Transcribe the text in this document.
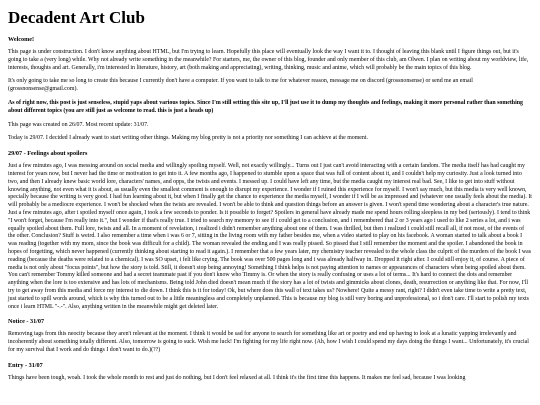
Decadent Art Club
Welcome!

This page is under construction. I don't know anything about HTML, but I'm trying to learn. Hopefully this place will eventually look the way I want it to. I thought of leaving this blank until I figure things out, but it's going to take a (very long) while. Why not already write something in the meanwhile? For starters, me, the owner of this blog, founder and only member of this club, am Olwen. I plan on writing about my worldview, life, interests, thoughts and art. Generally, i'm interested in literature, history, art (both making and appreciating), writing, thinking, music and anime, which will probably be the main topics of this blog.

It's only going to take me so long to create this because I currently don't have a computer. If you want to talk to me for whatever reason, message me on discord (grossnonsense) or send me an email (grossnonsense@gmail.com).

As of right now, this post is just senseless, stupid yaps about various topics. Since I'm still setting this site up, I'll just use it to dump my thoughts and feelings, making it more personal rather than something about different topics (you are still just as welcome to read. this is just a heads up)

This page was created on 26/07. Most recent update: 31/07.

Today is 29/07. I decided I already want to start writing other things. Making my blog pretty is not a priority nor something I can achieve at the moment.

29/07 - Feelings about spoilers

Just a few minutes ago, I was messing around on social media and willingly spoiling myself. Well, not exactly willingly... Turns out I just can't avoid interacting with a certain fandom. The media itself has had caught my interest for years now, but I never had the time or motivation to get into it. A few months ago, I happened to stumble upon a space that was full of content about it, and I couldn't help my curiosity. Just a look turned into two, and then I already knew basic world lore, characters' names, and opps, the twists and events. I messed up. I could have left any time, but the media caught my interest real bad. See, I like to get into stuff without knowing anything, not even what it is about, as usually even the smallest comment is enough to disrupt my experience. I wonder if I ruined this experience for myself. I won't say much, but this media is very well known, specially because the writing is very good. I had fun learning about it, but when I finally get the chance to experience the media myself, I wonder if I will be as impressed and (whatever one usually feels about the media). It will probably be a mediocre experience. I won't be shocked when the twists are revealed. I won't be able to think and question things before an answer is given. I won't spend time wondering about a character's true nature. Just a few minutes ago, after i spoiled myself once again, I took a few seconds to ponder. Is it possible to forget? Spoilers in general have already made me spend hours rolling sleepless in my bed (seriously). I tend to think "I won't forget, because I'm really into it.", but I wonder if that's really true. I tried to search my memory to see if i could get to a conclusion, and i remembered that 2 or 3 years ago i used to like 2 series a lot, and i was equally spoiled about them. Full lore, twists and all. In a moment of revelation, i realized i didn't remember anything about one of them. I was thrilled, but then i realized i could still recall all, if not most, of the events of the other. Conclusion? Stuff is weird. I also remember a time when i was 6 or 7, sitting in the living room with my father besides me, when a video started to play on his facebook. A woman started to talk about a book I was reading (together with my mom, since the book was difficult for a child). The woman revealed the ending and I was really pissed. So pissed that I still remember the moment and the spoiler. I abandoned the book in hopes of forgetting, which never happened (currently thinking about starting to read it again.). I remember that a few years later, my chemistry teacher revealed to the whole class the culprit of the murders of the book I was reading (because the deaths were related to a chemical). I was SO upset, i felt like crying. The book was over 500 pages long and i was already halfway in. Dropped it right after. I could still enjoy it, of course. A piece of media is not only about "focus points", but how the story is told. Still, it doesn't stop being annoying! Something I think helps is not paying attention to names or appearances of characters when being spoiled about them. You can't remember Tommy killed someone and had a secret teammate past if you don't know who Timmy is. Or when the story is really confusing or uses a lot of terms... It's hard to connect the dots and remember anything when the lore is too extensive and has lots of mechanisms. Being told John died doesn't mean much if the story has a lot of twists and gimmicks about clones, death, resurrection or anything like that. For now, I'll try to get away from this media and force my interest to die down. I think this is it for today! Ok, but where does this wall of text takes us? Nowhere! Quite a messy rant, right? I didn't even take time to write a pretty text, just started to spill words around, which is why this turned out to be a little meaningless and completely unplanned. This is because my blog is still very boring and unprofessional, so i don't care. I'll start to polish my texts once i learn HTML "-.-". Also, anything written in the meanwhile might get deleted later.

Notice - 31/07

Removing tags from this neocity because they aren't relevant at the moment. I think it would be sad for anyone to search for something like art or poetry and end up having to look at a lunatic yapping irrelevantly and incoherently about something totally different. Also, tomorrow is going to suck. Wish me luck! I'm fighting for my life right now. (Ah, how I wish I could spend my days doing the things I want... Unfortunately, it's crucial for my survival that I work and do things I don't want to do.)(??)

Entry - 31/07

Things have been tough, woah. I took the whole month to rest and just do nothing, but I don't feel relaxed at all. I think it's the first time this happens. It makes me feel sad, because I was looking
